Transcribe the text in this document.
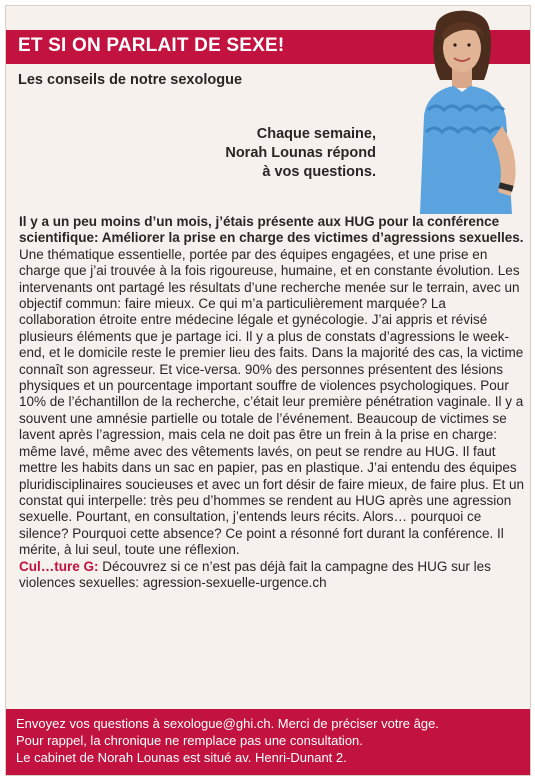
ET SI ON PARLAIT DE SEXE!
Les conseils de notre sexologue
Chaque semaine,
Norah Lounas répond
à vos questions.

Il y a un peu moins d’un mois, j’étais présente aux HUG pour la conférence scientifique: Améliorer la prise en charge des victimes d’agressions sexuelles.

Une thématique essentielle, portée par des équipes engagées, et une prise en charge que j’ai trouvée à la fois rigoureuse, humaine, et en constante évolution. Les intervenants ont partagé les résultats d’une recherche menée sur le terrain, avec un objectif commun: faire mieux. Ce qui m’a particulièrement marquée? La collaboration étroite entre médecine légale et gynécologie. J’ai appris et révisé plusieurs éléments que je partage ici. Il y a plus de constats d’agressions le week-end, et le domicile reste le premier lieu des faits. Dans la majorité des cas, la victime connaît son agresseur. Et vice-versa. 90% des personnes présentent des lésions physiques et un pourcentage important souffre de violences psychologiques. Pour 10% de l’échantillon de la recherche, c’était leur première pénétration vaginale. Il y a souvent une amnésie partielle ou totale de l’événement. Beaucoup de victimes se lavent après l’agression, mais cela ne doit pas être un frein à la prise en charge: même lavé, même avec des vêtements lavés, on peut se rendre au HUG. Il faut mettre les habits dans un sac en papier, pas en plastique. J’ai entendu des équipes pluridisciplinaires soucieuses et avec un fort désir de faire mieux, de faire plus. Et un constat qui interpelle: très peu d’hommes se rendent au HUG après une agression sexuelle. Pourtant, en consultation, j’entends leurs récits. Alors… pourquoi ce silence? Pourquoi cette absence? Ce point a résonné fort durant la conférence. Il mérite, à lui seul, toute une réflexion.

Cul…ture G: Découvrez si ce n’est pas déjà fait la campagne des HUG sur les violences sexuelles: agression-sexuelle-urgence.ch

Envoyez vos questions à sexologue@ghi.ch. Merci de préciser votre âge.
Pour rappel, la chronique ne remplace pas une consultation.
Le cabinet de Norah Lounas est situé av. Henri-Dunant 2.
